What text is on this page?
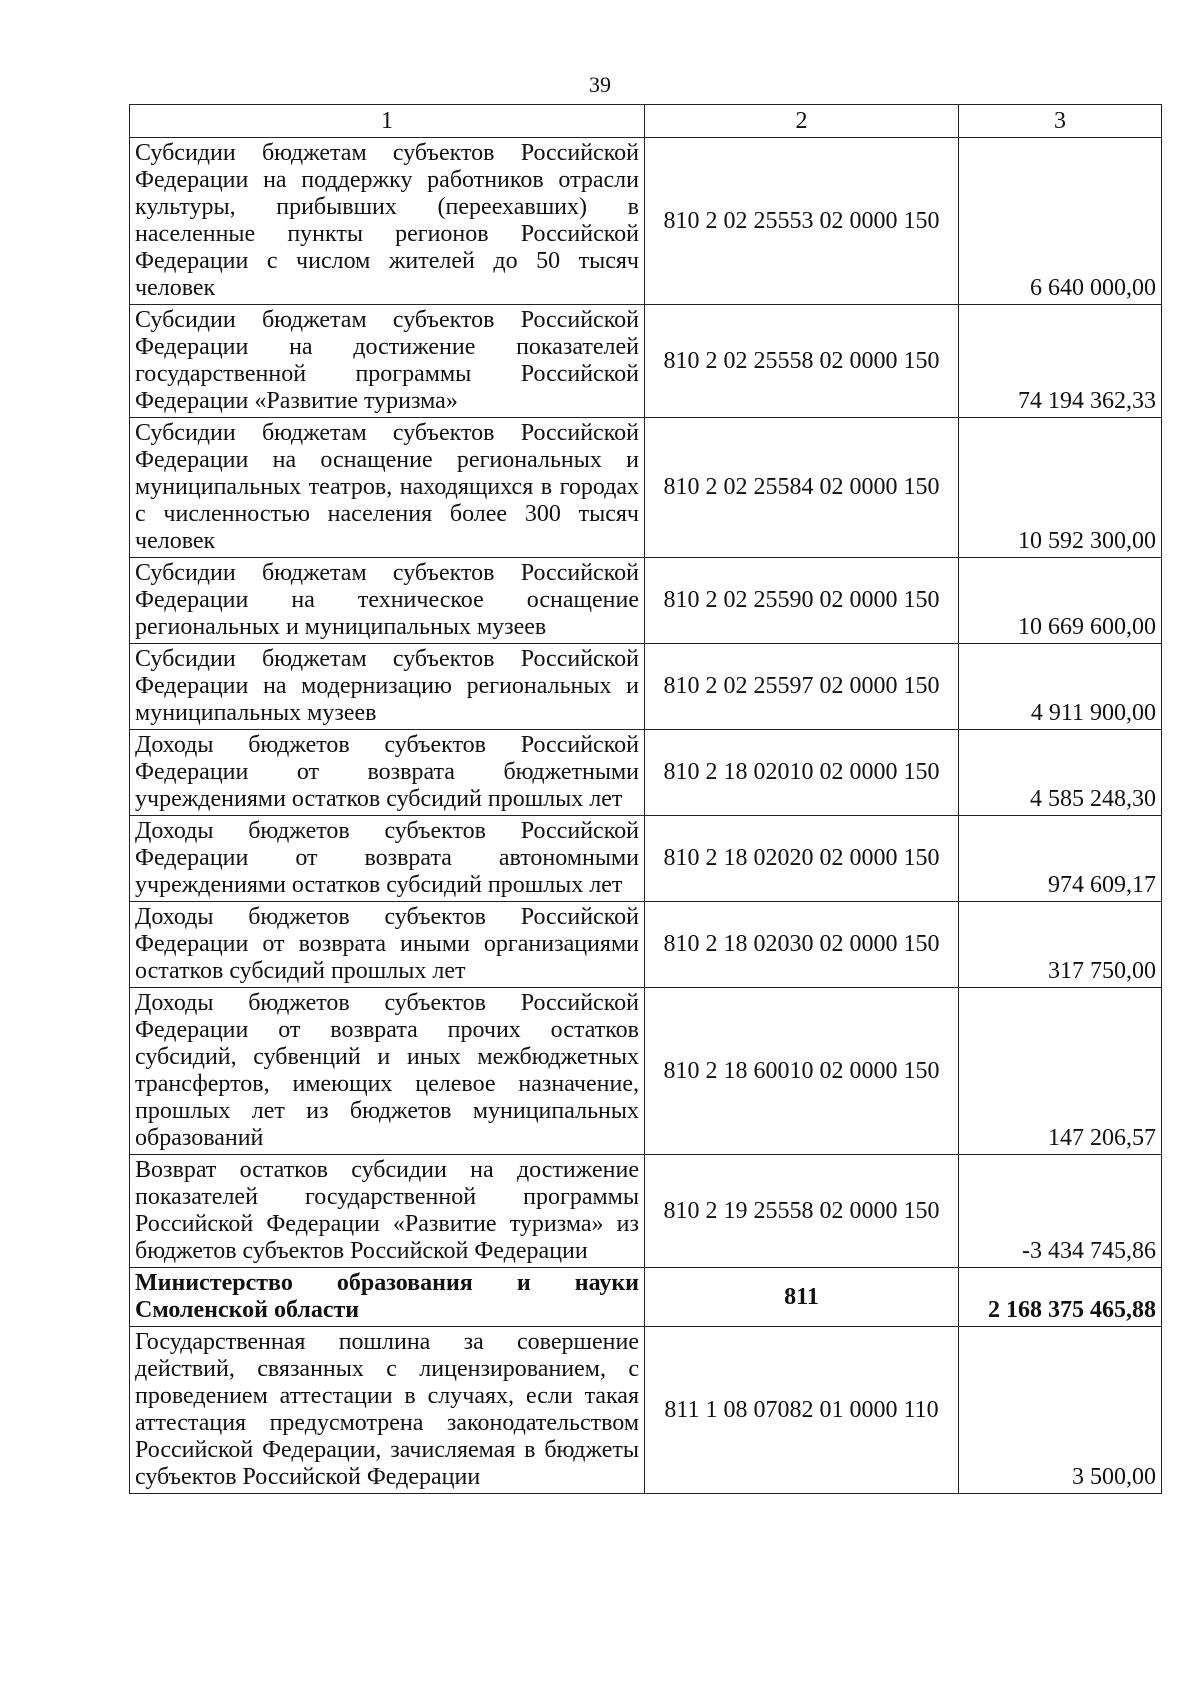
39
1	2	3
Субсидии бюджетам субъектов Российской Федерации на поддержку работников отрасли культуры, прибывших (переехавших) в населенные пункты регионов Российской Федерации с числом жителей до 50 тысяч человек	810 2 02 25553 02 0000 150	6 640 000,00
Субсидии бюджетам субъектов Российской Федерации на достижение показателей государственной программы Российской Федерации «Развитие туризма»	810 2 02 25558 02 0000 150	74 194 362,33
Субсидии бюджетам субъектов Российской Федерации на оснащение региональных и муниципальных театров, находящихся в городах с численностью населения более 300 тысяч человек	810 2 02 25584 02 0000 150	10 592 300,00
Субсидии бюджетам субъектов Российской Федерации на техническое оснащение региональных и муниципальных музеев	810 2 02 25590 02 0000 150	10 669 600,00
Субсидии бюджетам субъектов Российской Федерации на модернизацию региональных и муниципальных музеев	810 2 02 25597 02 0000 150	4 911 900,00
Доходы бюджетов субъектов Российской Федерации от возврата бюджетными учреждениями остатков субсидий прошлых лет	810 2 18 02010 02 0000 150	4 585 248,30
Доходы бюджетов субъектов Российской Федерации от возврата автономными учреждениями остатков субсидий прошлых лет	810 2 18 02020 02 0000 150	974 609,17
Доходы бюджетов субъектов Российской Федерации от возврата иными организациями остатков субсидий прошлых лет	810 2 18 02030 02 0000 150	317 750,00
Доходы бюджетов субъектов Российской Федерации от возврата прочих остатков субсидий, субвенций и иных межбюджетных трансфертов, имеющих целевое назначение, прошлых лет из бюджетов муниципальных образований	810 2 18 60010 02 0000 150	147 206,57
Возврат остатков субсидии на достижение показателей государственной программы Российской Федерации «Развитие туризма» из бюджетов субъектов Российской Федерации	810 2 19 25558 02 0000 150	-3 434 745,86
Министерство образования и науки Смоленской области	811	2 168 375 465,88
Государственная пошлина за совершение действий, связанных с лицензированием, с проведением аттестации в случаях, если такая аттестация предусмотрена законодательством Российской Федерации, зачисляемая в бюджеты субъектов Российской Федерации	811 1 08 07082 01 0000 110	3 500,00
